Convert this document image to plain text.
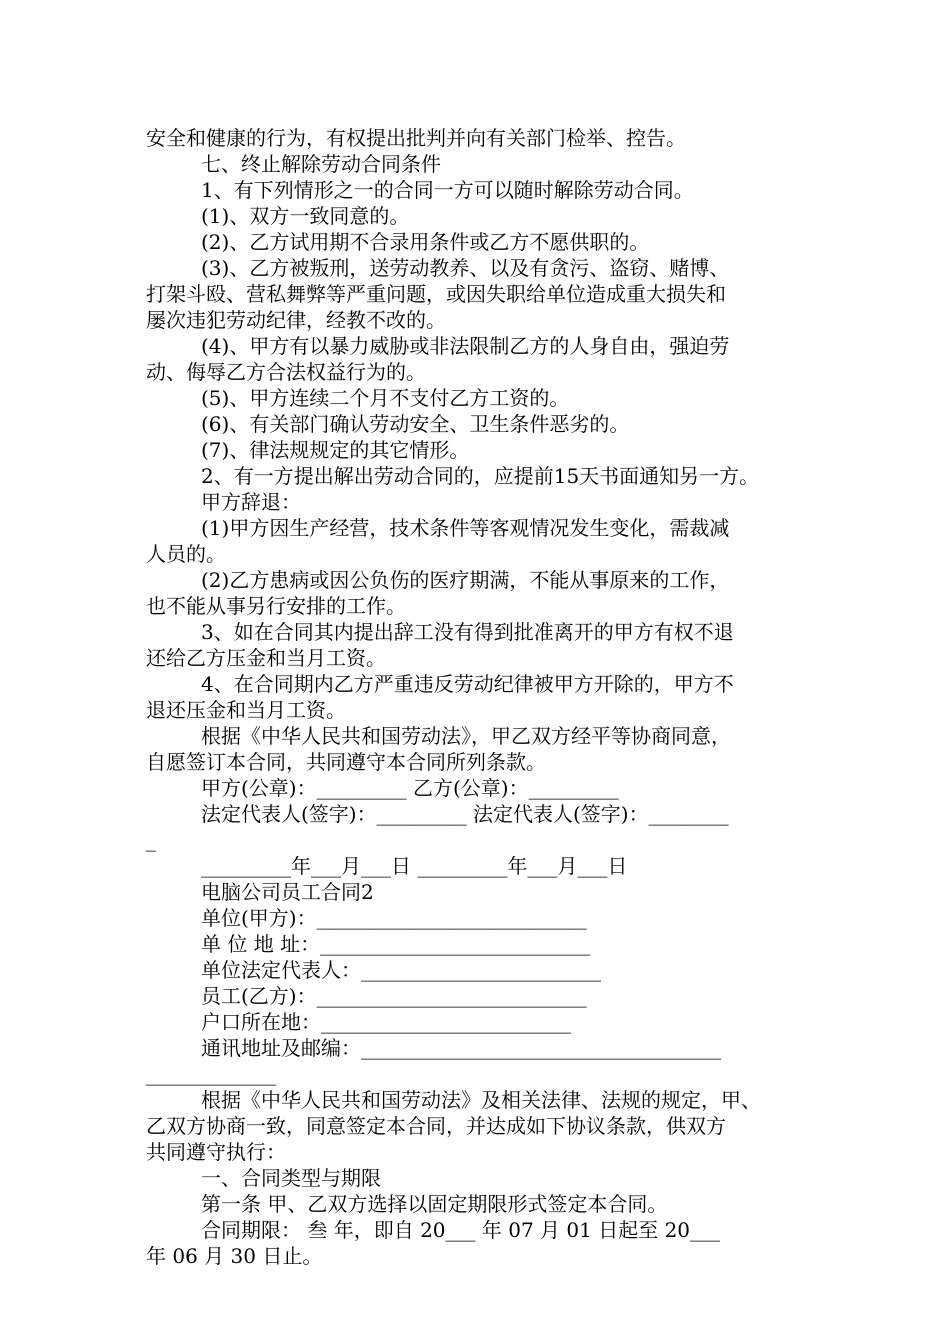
安全和健康的行为，有权提出批判并向有关部门检举、控告。
七、终止解除劳动合同条件
1、有下列情形之一的合同一方可以随时解除劳动合同。
(1)、双方一致同意的。
(2)、乙方试用期不合录用条件或乙方不愿供职的。
(3)、乙方被叛刑，送劳动教养、以及有贪污、盗窃、赌博、
打架斗殴、营私舞弊等严重问题，或因失职给单位造成重大损失和
屡次违犯劳动纪律，经教不改的。
(4)、甲方有以暴力威胁或非法限制乙方的人身自由，强迫劳
动、侮辱乙方合法权益行为的。
(5)、甲方连续二个月不支付乙方工资的。
(6)、有关部门确认劳动安全、卫生条件恶劣的。
(7)、律法规规定的其它情形。
2、有一方提出解出劳动合同的，应提前15天书面通知另一方。
甲方辞退：
(1)甲方因生产经营，技术条件等客观情况发生变化，需裁减
人员的。
(2)乙方患病或因公负伤的医疗期满，不能从事原来的工作，
也不能从事另行安排的工作。
3、如在合同其内提出辞工没有得到批准离开的甲方有权不退
还给乙方压金和当月工资。
4、在合同期内乙方严重违反劳动纪律被甲方开除的，甲方不
退还压金和当月工资。
根据《中华人民共和国劳动法》，甲乙双方经平等协商同意，
自愿签订本合同，共同遵守本合同所列条款。
甲方(公章)：_________ 乙方(公章)：_________
法定代表人(签字)：_________ 法定代表人(签字)：________
_
_________年___月___日 _________年___月___日
电脑公司员工合同2
单位(甲方)：___________________________
单 位 地 址：___________________________
单位法定代表人：________________________
员工(乙方)：___________________________
户口所在地：_________________________
通讯地址及邮编：____________________________________
_____________
根据《中华人民共和国劳动法》及相关法律、法规的规定，甲、
乙双方协商一致，同意签定本合同，并达成如下协议条款，供双方
共同遵守执行：
一、合同类型与期限
第一条 甲、乙双方选择以固定期限形式签定本合同。
合同期限： 叁 年，即自 20___ 年 07 月 01 日起至 20___
年 06 月 30 日止。
